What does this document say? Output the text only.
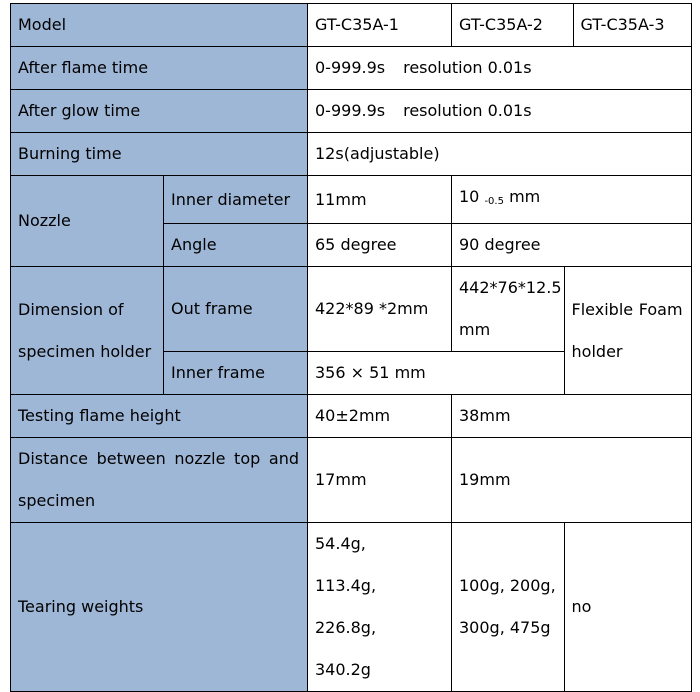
Model		GT-C35A-1	GT-C35A-2		GT-C35A-3
After flame time		0-999.9s resolution 0.01s			
After glow time		0-999.9s resolution 0.01s			
Burning time		12s(adjustable)			
Nozzle	Inner diameter	11mm	10 $_{-0.5}$ mm		
	Angle	65 degree	90 degree		
Dimension of specimen holder	Out frame	422*89 *2mm	442*76*12.5 mm	Flexible Foam holder	
	Inner frame	356 × 51 mm			
Testing flame height		40±2mm	38mm		
Distance between nozzle top and specimen		17mm	19mm		
Tearing weights		54.4g, 113.4g, 226.8g, 340.2g	100g, 200g, 300g, 475g	no	
